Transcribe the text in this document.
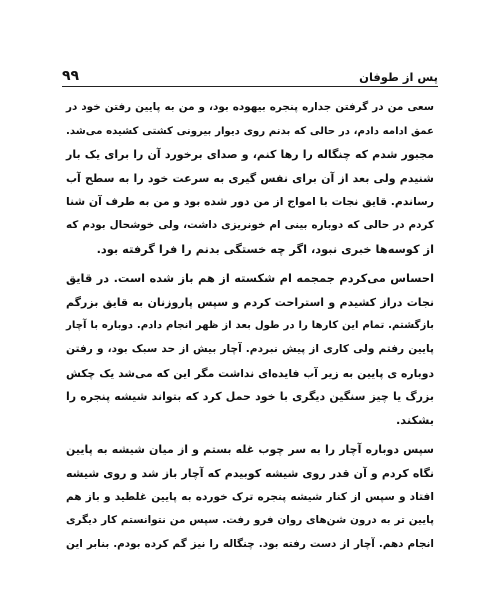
پس از طوفان
۹۹

سعی من در گرفتن جداره پنجره بیهوده بود، و من به پایین رفتن خود در
عمق ادامه دادم، در حالی که بدنم روی دیوار بیرونی کشتی کشیده می‌شد.
مجبور شدم که چنگاله را رها کنم، و صدای برخورد آن را برای یک بار
شنیدم ولی بعد از آن برای نفس گیری به سرعت خود را به سطح آب
رساندم. قایق نجات با امواج از من دور شده بود و من به طرف آن شنا
کردم در حالی که دوباره بینی ام خونریزی داشت، ولی خوشحال بودم که
از کوسه‌ها خبری نبود، اگر چه خستگی بدنم را فرا گرفته بود.

احساس می‌کردم جمجمه ام شکسته از هم باز شده است. در قایق
نجات دراز کشیدم و استراحت کردم و سپس پاروزنان به قایق بزرگم
بازگشتم. تمام این کارها را در طول بعد از ظهر انجام دادم. دوباره با آچار
پایین رفتم ولی کاری از پیش نبردم. آچار بیش از حد سبک بود، و رفتن
دوباره ی پایین به زیر آب فایده‌ای نداشت مگر این که می‌شد یک چکش
بزرگ یا چیز سنگین دیگری با خود حمل کرد که بتواند شیشه پنجره را
بشکند.

سپس دوباره آچار را به سر چوب غله بستم و از میان شیشه به پایین
نگاه کردم و آن قدر روی شیشه کوبیدم که آچار باز شد و روی شیشه
افتاد و سپس از کنار شیشه پنجره ترک خورده به پایین غلطید و باز هم
پایین تر به درون شن‌های روان فرو رفت. سپس من نتوانستم کار دیگری
انجام دهم. آچار از دست رفته بود. چنگاله را نیز گم کرده بودم. بنابر این
